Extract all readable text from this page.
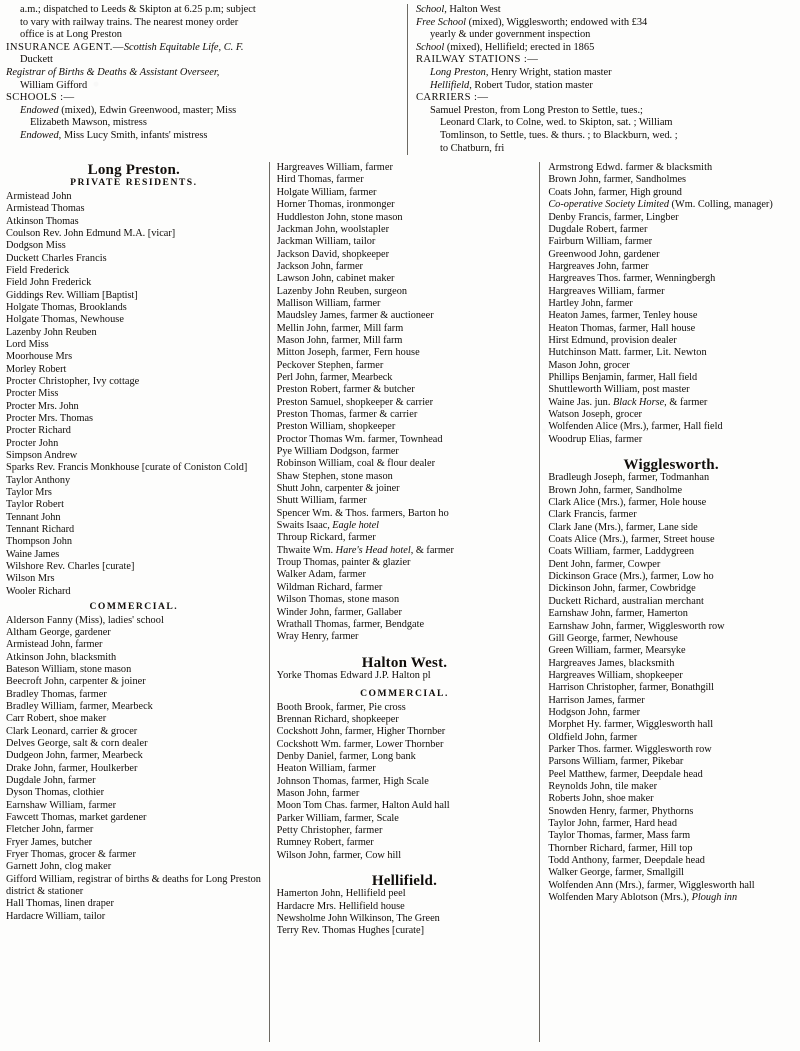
a.m.; dispatched to Leeds & Skipton at 6.25 p.m; subject
to vary with railway trains. The nearest money order
office is at Long Preston
INSURANCE AGENT.—Scottish Equitable Life, C. F.
Duckett
Registrar of Births & Deaths & Assistant Overseer,
William Gifford
SCHOOLS :—
Endowed (mixed), Edwin Greenwood, master; Miss
Elizabeth Mawson, mistress
Endowed, Miss Lucy Smith, infants' mistress
School, Halton West
Free School (mixed), Wigglesworth; endowed with £34
yearly & under government inspection
School (mixed), Hellifield; erected in 1865
RAILWAY STATIONS :—
Long Preston, Henry Wright, station master
Hellifield, Robert Tudor, station master
CARRIERS :—
Samuel Preston, from Long Preston to Settle, tues.;
Leonard Clark, to Colne, wed. to Skipton, sat. ; William
Tomlinson, to Settle, tues. & thurs. ; to Blackburn, wed. ;
to Chatburn, fri
Long Preston.
PRIVATE RESIDENTS.
Armistead John
Armistead Thomas
Atkinson Thomas
Coulson Rev. John Edmund M.A. [vicar]
Dodgson Miss
Duckett Charles Francis
Field Frederick
Field John Frederick
Giddings Rev. William [Baptist]
Holgate Thomas, Brooklands
Holgate Thomas, Newhouse
Lazenby John Reuben
Lord Miss
Moorhouse Mrs
Morley Robert
Procter Christopher, Ivy cottage
Procter Miss
Procter Mrs. John
Procter Mrs. Thomas
Procter Richard
Procter John
Simpson Andrew
Sparks Rev. Francis Monkhouse [curate of Coniston Cold]
Taylor Anthony
Taylor Mrs
Taylor Robert
Tennant John
Tennant Richard
Thompson John
Waine James
Wilshore Rev. Charles [curate]
Wilson Mrs
Wooler Richard
COMMERCIAL.
Alderson Fanny (Miss), ladies' school
Altham George, gardener
Armistead John, farmer
Atkinson John, blacksmith
Bateson William, stone mason
Beecroft John, carpenter & joiner
Bradley Thomas, farmer
Bradley William, farmer, Mearbeck
Carr Robert, shoe maker
Clark Leonard, carrier & grocer
Delves George, salt & corn dealer
Dudgeon John, farmer, Mearbeck
Drake John, farmer, Houlkerber
Dugdale John, farmer
Dyson Thomas, clothier
Earnshaw William, farmer
Fawcett Thomas, market gardener
Fletcher John, farmer
Fryer James, butcher
Fryer Thomas, grocer & farmer
Garnett John, clog maker
Gifford William, registrar of births & deaths for Long Preston district & stationer
Hall Thomas, linen draper
Hardacre William, tailor
Hargreaves William, farmer
Hird Thomas, farmer
Holgate William, farmer
Horner Thomas, ironmonger
Huddleston John, stone mason
Jackman John, woolstapler
Jackman William, tailor
Jackson David, shopkeeper
Jackson John, farmer
Lawson John, cabinet maker
Lazenby John Reuben, surgeon
Mallison William, farmer
Maudsley James, farmer & auctioneer
Mellin John, farmer, Mill farm
Mason John, farmer, Mill farm
Mitton Joseph, farmer, Fern house
Peckover Stephen, farmer
Perl John, farmer, Mearbeck
Preston Robert, farmer & butcher
Preston Samuel, shopkeeper & carrier
Preston Thomas, farmer & carrier
Preston William, shopkeeper
Proctor Thomas Wm. farmer, Townhead
Pye William Dodgson, farmer
Robinson William, coal & flour dealer
Shaw Stephen, stone mason
Shutt John, carpenter & joiner
Shutt William, farmer
Spencer Wm. & Thos. farmers, Barton ho
Swaits Isaac, Eagle hotel
Throup Rickard, farmer
Thwaite Wm. Hare's Head hotel, & farmer
Troup Thomas, painter & glazier
Walker Adam, farmer
Wildman Richard, farmer
Wilson Thomas, stone mason
Winder John, farmer, Gallaber
Wrathall Thomas, farmer, Bendgate
Wray Henry, farmer
Halton West.
Yorke Thomas Edward J.P. Halton pl
COMMERCIAL.
Booth Brook, farmer, Pie cross
Brennan Richard, shopkeeper
Cockshott John, farmer, Higher Thornber
Cockshott Wm. farmer, Lower Thornber
Denby Daniel, farmer, Long bank
Heaton William, farmer
Johnson Thomas, farmer, High Scale
Mason John, farmer
Moon Tom Chas. farmer, Halton Auld hall
Parker William, farmer, Scale
Petty Christopher, farmer
Rumney Robert, farmer
Wilson John, farmer, Cow hill
Hellifield.
Hamerton John, Hellifield peel
Hardacre Mrs. Hellifield house
Newsholme John Wilkinson, The Green
Terry Rev. Thomas Hughes [curate]
Armstrong Edwd. farmer & blacksmith
Brown John, farmer, Sandholmes
Coats John, farmer, High ground
Co-operative Society Limited (Wm. Colling, manager)
Denby Francis, farmer, Lingber
Dugdale Robert, farmer
Fairburn William, farmer
Greenwood John, gardener
Hargreaves John, farmer
Hargreaves Thos. farmer, Wenningbergh
Hargreaves William, farmer
Hartley John, farmer
Heaton James, farmer, Tenley house
Heaton Thomas, farmer, Hall house
Hirst Edmund, provision dealer
Hutchinson Matt. farmer, Lit. Newton
Mason John, grocer
Phillips Benjamin, farmer, Hall field
Shuttleworth William, post master
Waine Jas. jun. Black Horse, & farmer
Watson Joseph, grocer
Wolfenden Alice (Mrs.), farmer, Hall field
Woodrup Elias, farmer
Wigglesworth.
Bradleugh Joseph, farmer, Todmanhan
Brown John, farmer, Sandholme
Clark Alice (Mrs.), farmer, Hole house
Clark Francis, farmer
Clark Jane (Mrs.), farmer, Lane side
Coats Alice (Mrs.), farmer, Street house
Coats William, farmer, Laddygreen
Dent John, farmer, Cowper
Dickinson Grace (Mrs.), farmer, Low ho
Dickinson John, farmer, Cowbridge
Duckett Richard, australian merchant
Earnshaw John, farmer, Hamerton
Earnshaw John, farmer, Wigglesworth row
Gill George, farmer, Newhouse
Green William, farmer, Mearsyke
Hargreaves James, blacksmith
Hargreaves William, shopkeeper
Harrison Christopher, farmer, Bonathgill
Harrison James, farmer
Hodgson John, farmer
Morphet Hy. farmer, Wigglesworth hall
Oldfield John, farmer
Parker Thos. farmer. Wigglesworth row
Parsons William, farmer, Pikebar
Peel Matthew, farmer, Deepdale head
Reynolds John, tile maker
Roberts John, shoe maker
Snowden Henry, farmer, Phythorns
Taylor John, farmer, Hard head
Taylor Thomas, farmer, Mass farm
Thornber Richard, farmer, Hill top
Todd Anthony, farmer, Deepdale head
Walker George, farmer, Smallgill
Wolfenden Ann (Mrs.), farmer, Wigglesworth hall
Wolfenden Mary Ablotson (Mrs.), Plough inn
